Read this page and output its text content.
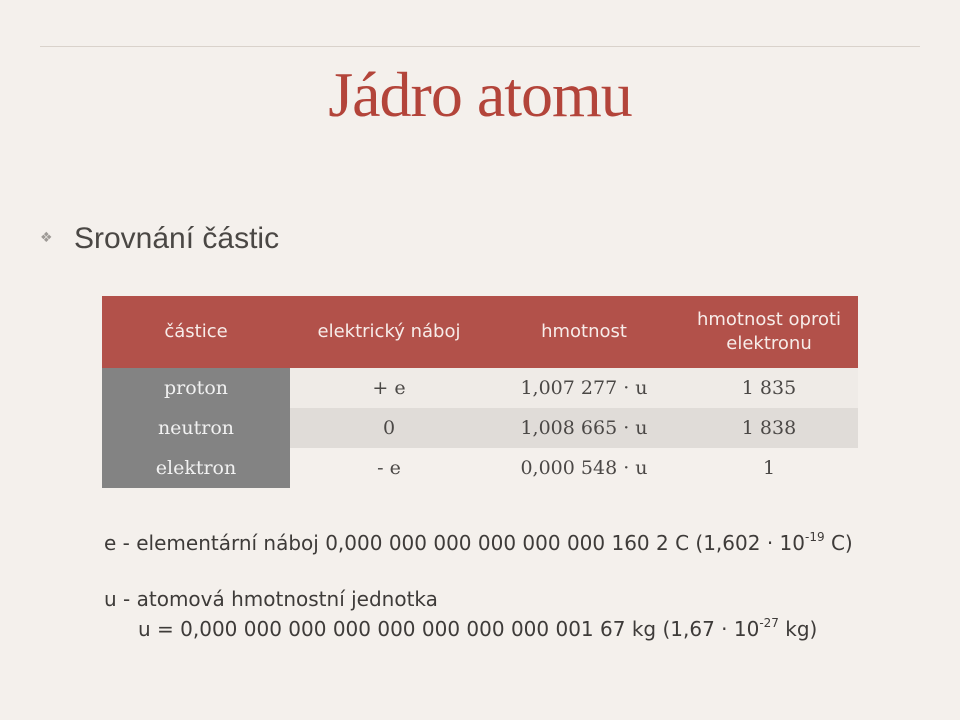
Jádro atomu
❖ Srovnání částic
částice	elektrický náboj	hmotnost	hmotnost oproti elektronu

proton	+ e	1,007 277 · u	1 835
neutron	0	1,008 665 · u	1 838
elektron	- e	0,000 548 · u	1
e - elementární náboj 0,000 000 000 000 000 000 160 2 C ($1,602 \cdot 10^{-19}$ C)
u - atomová hmotnostní jednotka
u = 0,000 000 000 000 000 000 000 000 001 67 kg ($1,67 \cdot 10^{-27}$ kg)
